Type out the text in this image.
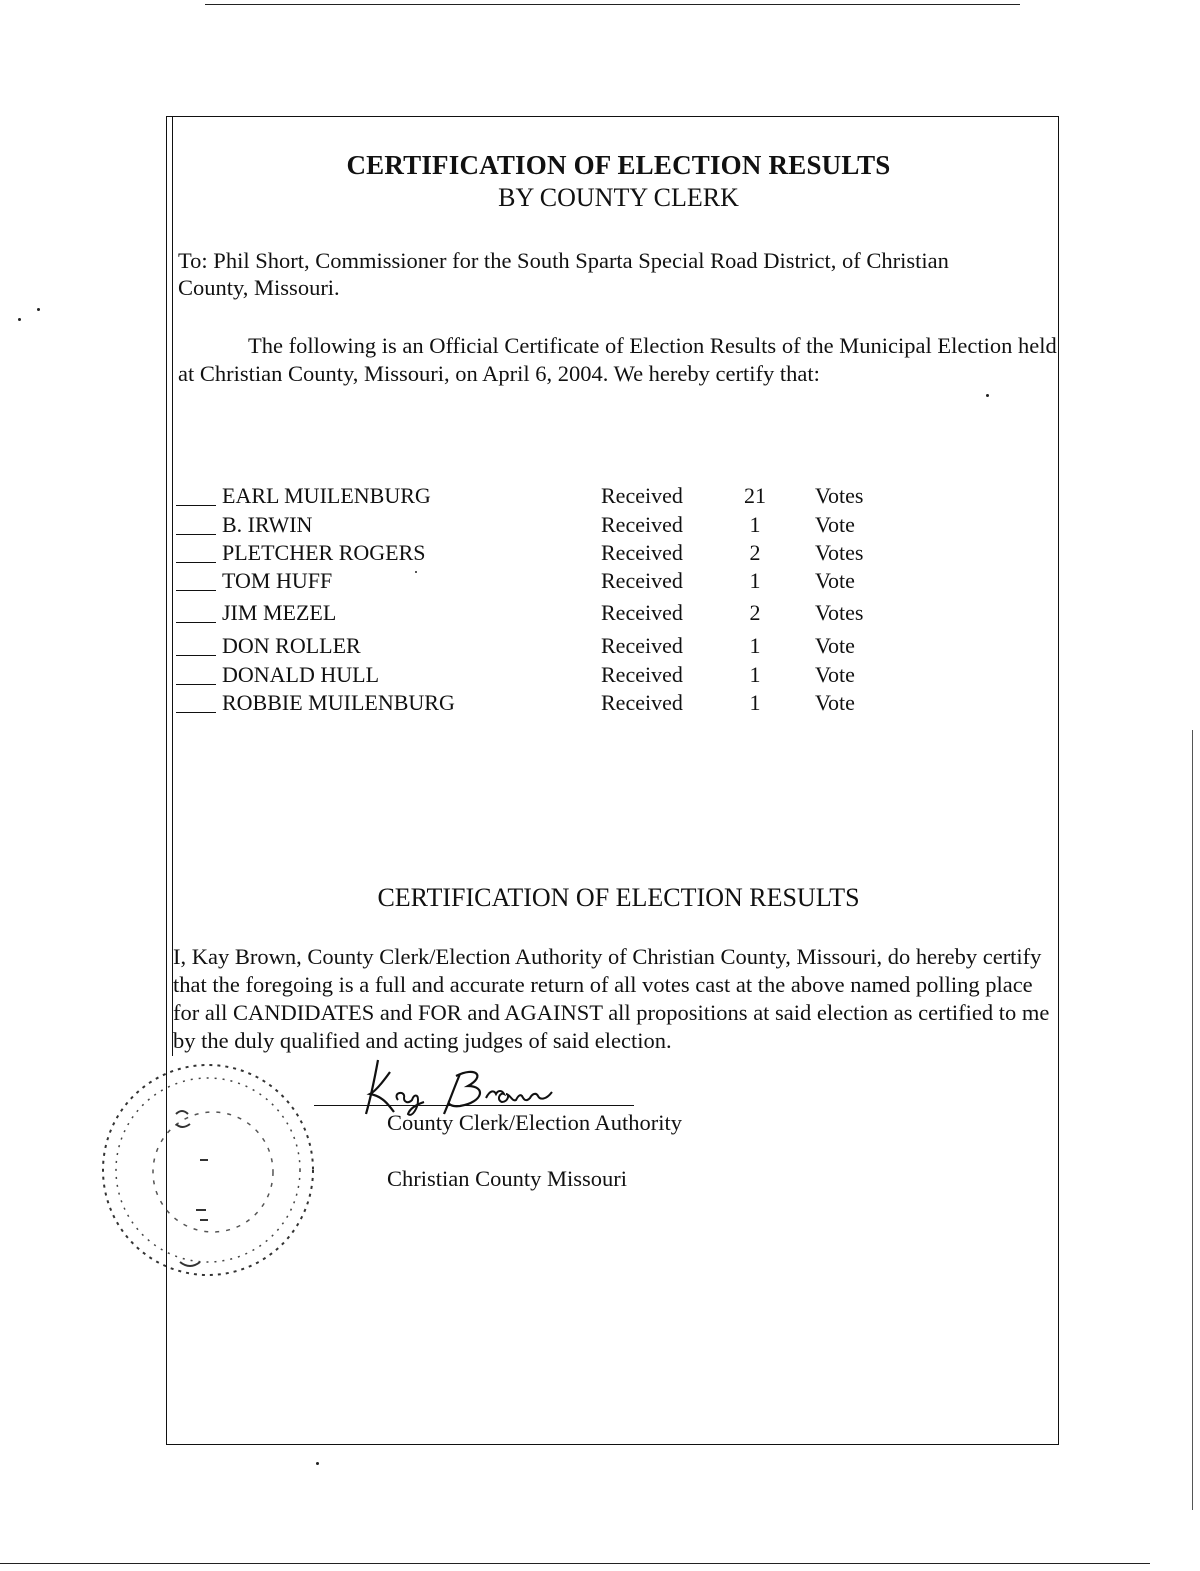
CERTIFICATION OF ELECTION RESULTS
BY COUNTY CLERK
To: Phil Short, Commissioner for the South Sparta Special Road District, of Christian County, Missouri.
The following is an Official Certificate of Election Results of the Municipal Election held at Christian County, Missouri, on April 6, 2004. We hereby certify that:
EARL MUILENBURG	Received	21	Votes
B. IRWIN	Received	1	Vote
PLETCHER ROGERS	Received	2	Votes
TOM HUFF	Received	1	Vote
JIM MEZEL	Received	2	Votes
DON ROLLER	Received	1	Vote
DONALD HULL	Received	1	Vote
ROBBIE MUILENBURG	Received	1	Vote
CERTIFICATION OF ELECTION RESULTS
I, Kay Brown, County Clerk/Election Authority of Christian County, Missouri, do hereby certify that the foregoing is a full and accurate return of all votes cast at the above named polling place for all CANDIDATES and FOR and AGAINST all propositions at said election as certified to me by the duly qualified and acting judges of said election.
County Clerk/Election Authority
Christian County Missouri
